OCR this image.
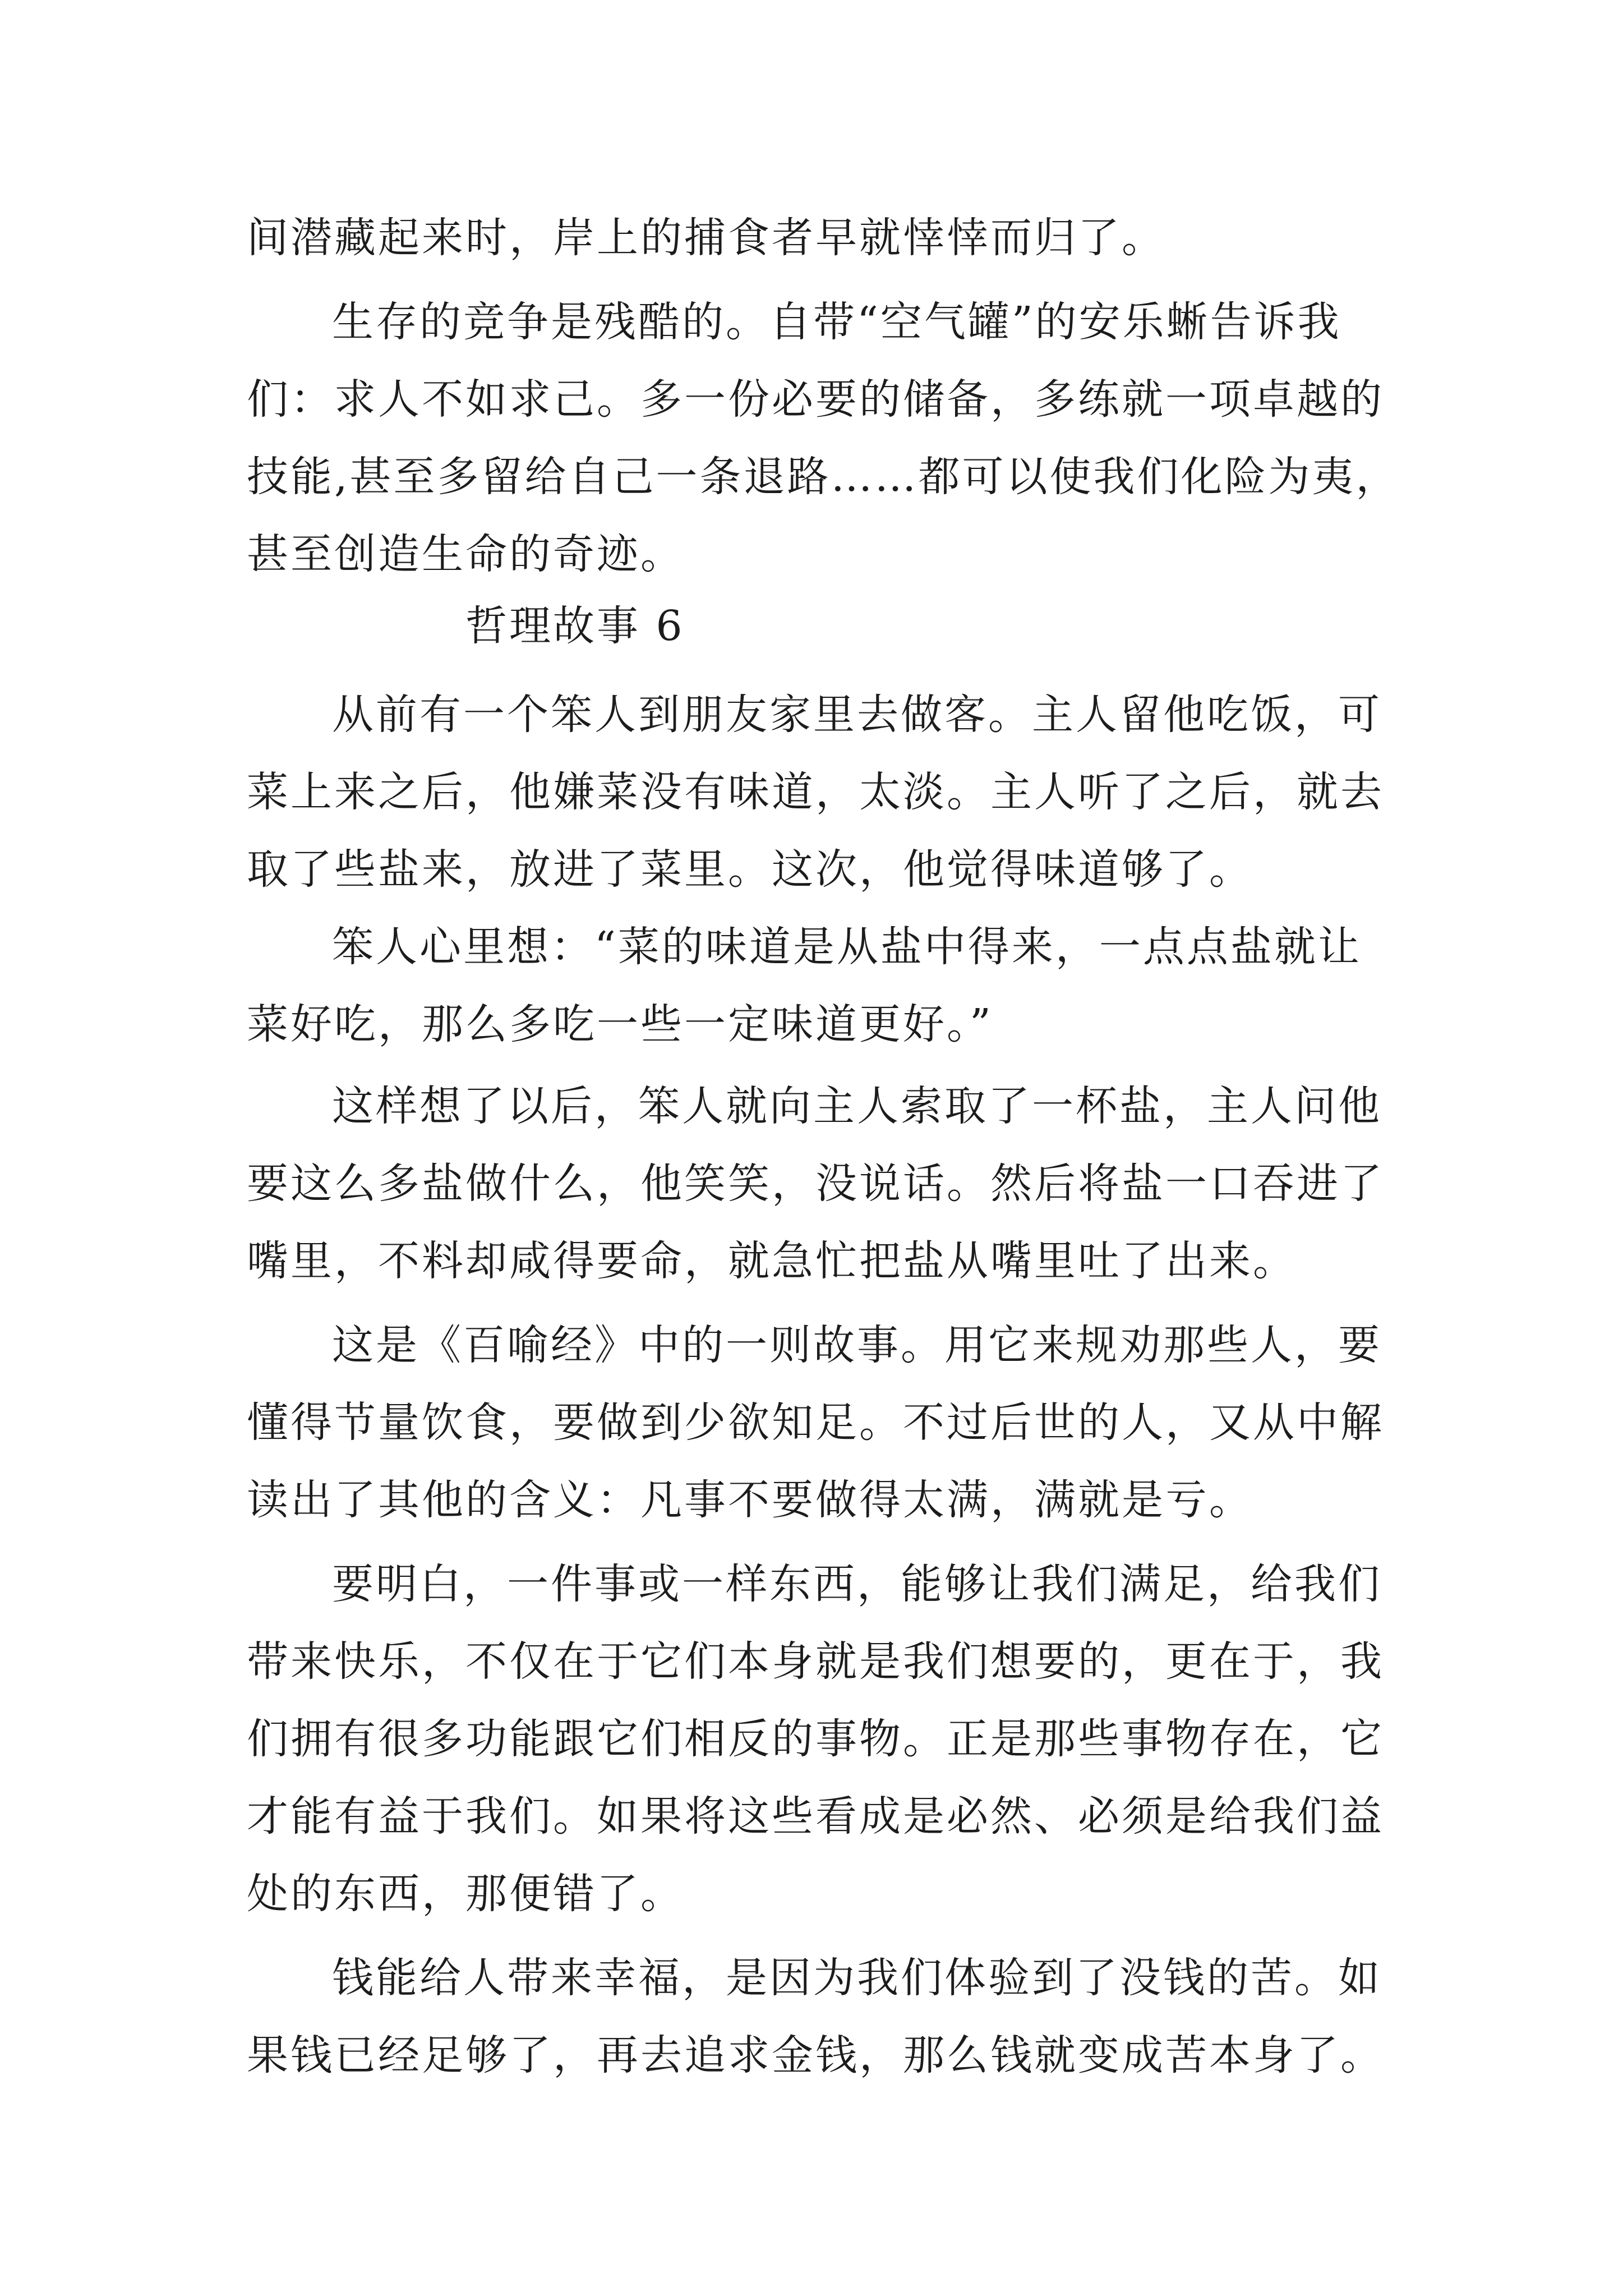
间潜藏起来时，岸上的捕食者早就悻悻而归了。

生存的竞争是残酷的。自带“空气罐”的安乐蜥告诉我

们：求人不如求己。多一份必要的储备，多练就一项卓越的

技能,甚至多留给自己一条退路……都可以使我们化险为夷，

甚至创造生命的奇迹。

哲理故事 6

从前有一个笨人到朋友家里去做客。主人留他吃饭，可

菜上来之后，他嫌菜没有味道，太淡。主人听了之后，就去

取了些盐来，放进了菜里。这次，他觉得味道够了。

笨人心里想：“菜的味道是从盐中得来，一点点盐就让

菜好吃，那么多吃一些一定味道更好。”

这样想了以后，笨人就向主人索取了一杯盐，主人问他

要这么多盐做什么，他笑笑，没说话。然后将盐一口吞进了

嘴里，不料却咸得要命，就急忙把盐从嘴里吐了出来。

这是《百喻经》中的一则故事。用它来规劝那些人，要

懂得节量饮食，要做到少欲知足。不过后世的人，又从中解

读出了其他的含义：凡事不要做得太满，满就是亏。

要明白，一件事或一样东西，能够让我们满足，给我们

带来快乐，不仅在于它们本身就是我们想要的，更在于，我

们拥有很多功能跟它们相反的事物。正是那些事物存在，它

才能有益于我们。如果将这些看成是必然、必须是给我们益

处的东西，那便错了。

钱能给人带来幸福，是因为我们体验到了没钱的苦。如

果钱已经足够了，再去追求金钱，那么钱就变成苦本身了。
